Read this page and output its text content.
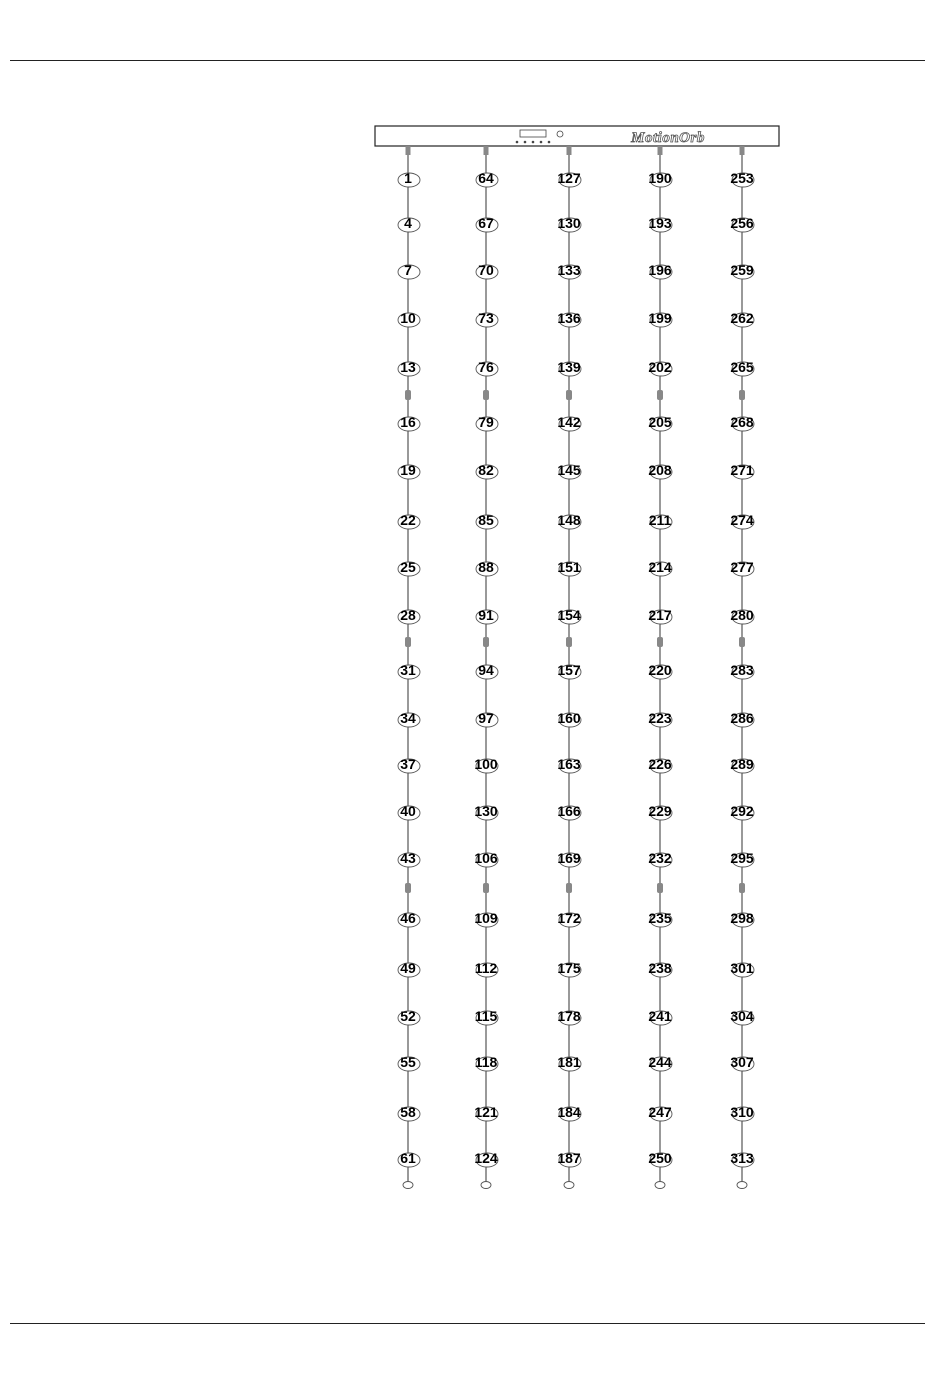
MotionOrb
1
4
7
10
13
16
19
22
25
28
31
34
37
40
43
46
49
52
55
58
61
64
67
70
73
76
79
82
85
88
91
94
97
100
130
106
109
112
115
118
121
124
127
130
133
136
139
142
145
148
151
154
157
160
163
166
169
172
175
178
181
184
187
190
193
196
199
202
205
208
211
214
217
220
223
226
229
232
235
238
241
244
247
250
253
256
259
262
265
268
271
274
277
280
283
286
289
292
295
298
301
304
307
310
313
